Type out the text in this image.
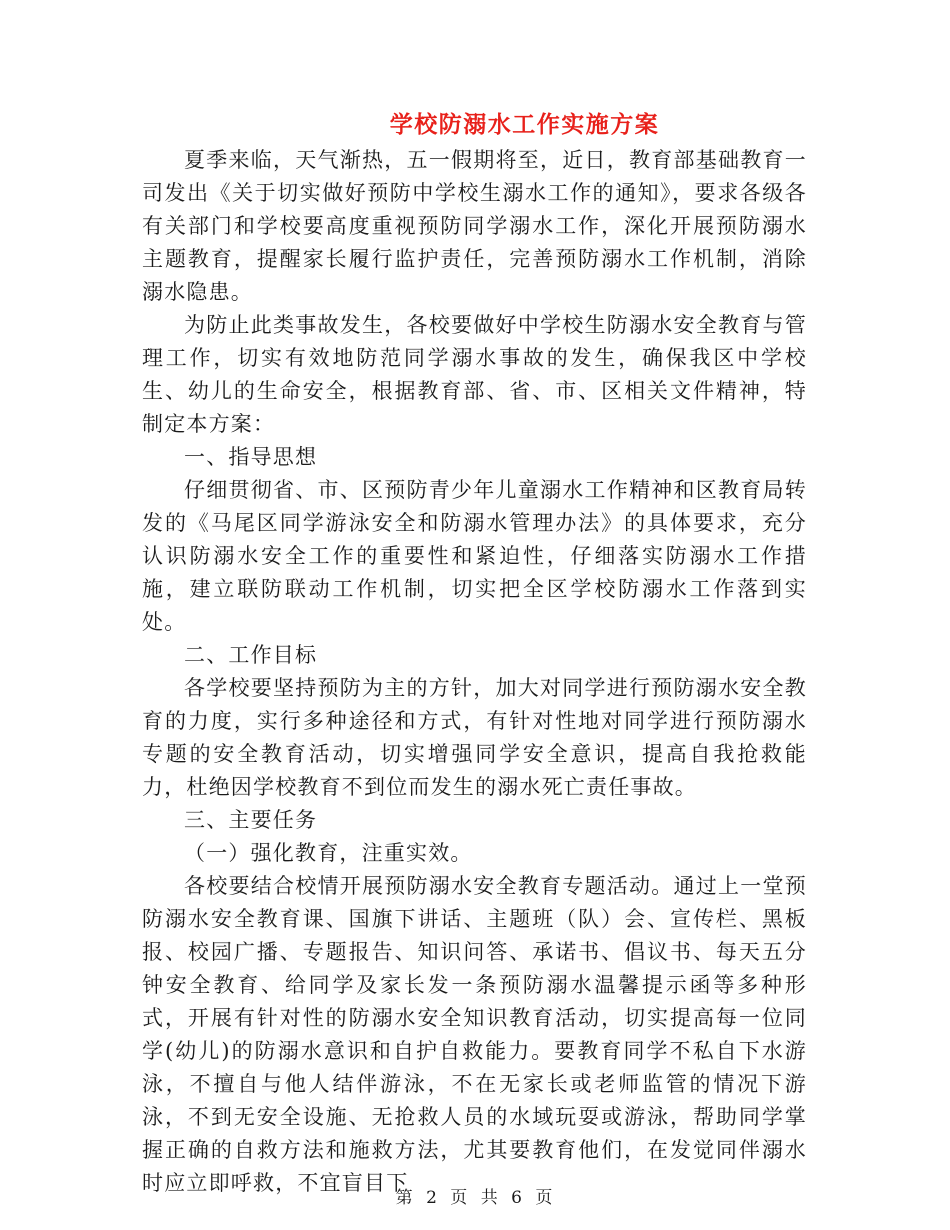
学校防溺水工作实施方案

夏季来临，天气渐热，五一假期将至，近日，教育部基础教育一司发出《关于切实做好预防中学校生溺水工作的通知》，要求各级各有关部门和学校要高度重视预防同学溺水工作，深化开展预防溺水主题教育，提醒家长履行监护责任，完善预防溺水工作机制，消除溺水隐患。

为防止此类事故发生，各校要做好中学校生防溺水安全教育与管理工作，切实有效地防范同学溺水事故的发生，确保我区中学校生、幼儿的生命安全，根据教育部、省、市、区相关文件精神，特制定本方案：

一、指导思想

仔细贯彻省、市、区预防青少年儿童溺水工作精神和区教育局转发的《马尾区同学游泳安全和防溺水管理办法》的具体要求，充分认识防溺水安全工作的重要性和紧迫性，仔细落实防溺水工作措施，建立联防联动工作机制，切实把全区学校防溺水工作落到实处。

二、工作目标

各学校要坚持预防为主的方针，加大对同学进行预防溺水安全教育的力度，实行多种途径和方式，有针对性地对同学进行预防溺水专题的安全教育活动，切实增强同学安全意识，提高自我抢救能力，杜绝因学校教育不到位而发生的溺水死亡责任事故。

三、主要任务

（一）强化教育，注重实效。

各校要结合校情开展预防溺水安全教育专题活动。通过上一堂预防溺水安全教育课、国旗下讲话、主题班（队）会、宣传栏、黑板报、校园广播、专题报告、知识问答、承诺书、倡议书、每天五分钟安全教育、给同学及家长发一条预防溺水温馨提示函等多种形式，开展有针对性的防溺水安全知识教育活动，切实提高每一位同学(幼儿)的防溺水意识和自护自救能力。要教育同学不私自下水游泳，不擅自与他人结伴游泳，不在无家长或老师监管的情况下游泳，不到无安全设施、无抢救人员的水域玩耍或游泳，帮助同学掌握正确的自救方法和施救方法，尤其要教育他们，在发觉同伴溺水时应立即呼救，不宜盲目下

第 2 页 共 6 页
